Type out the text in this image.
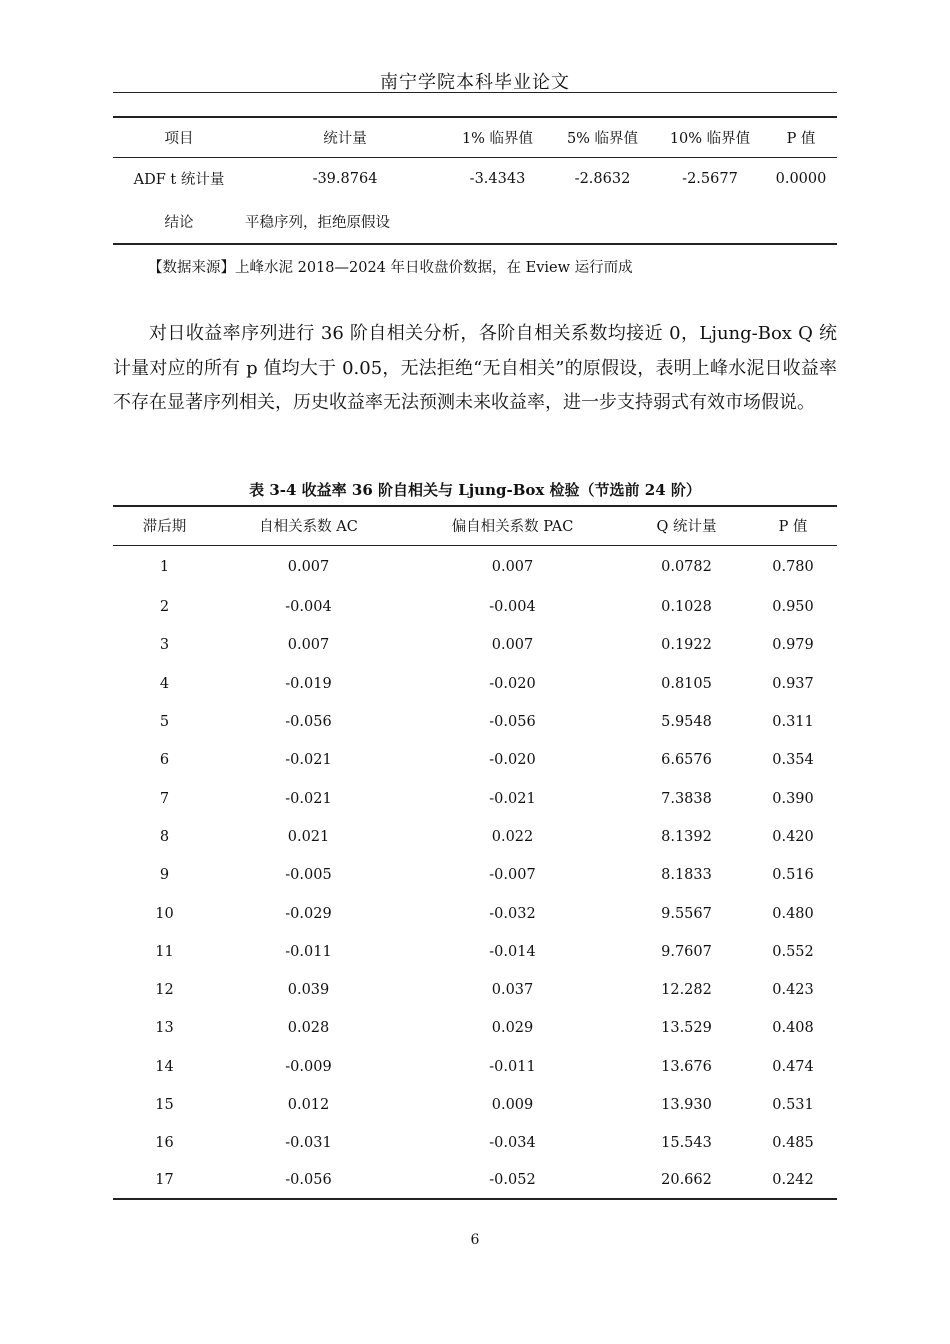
南宁学院本科毕业论文
项目	统计量	1% 临界值	5% 临界值	10% 临界值	P 值
ADF t 统计量	-39.8764	-3.4343	-2.8632	-2.5677	0.0000
结论	平稳序列，拒绝原假设				
【数据来源】上峰水泥 2018—2024 年日收盘价数据，在 Eview 运行而成
对日收益率序列进行 36 阶自相关分析，各阶自相关系数均接近 0，Ljung-Box Q 统计量对应的所有 p 值均大于 0.05，无法拒绝“无自相关”的原假设，表明上峰水泥日收益率不存在显著序列相关，历史收益率无法预测未来收益率，进一步支持弱式有效市场假说。
表 3-4 收益率 36 阶自相关与 Ljung-Box 检验（节选前 24 阶）
滞后期	自相关系数 AC	偏自相关系数 PAC	Q 统计量	P 值
1	0.007	0.007	0.0782	0.780
2	-0.004	-0.004	0.1028	0.950
3	0.007	0.007	0.1922	0.979
4	-0.019	-0.020	0.8105	0.937
5	-0.056	-0.056	5.9548	0.311
6	-0.021	-0.020	6.6576	0.354
7	-0.021	-0.021	7.3838	0.390
8	0.021	0.022	8.1392	0.420
9	-0.005	-0.007	8.1833	0.516
10	-0.029	-0.032	9.5567	0.480
11	-0.011	-0.014	9.7607	0.552
12	0.039	0.037	12.282	0.423
13	0.028	0.029	13.529	0.408
14	-0.009	-0.011	13.676	0.474
15	0.012	0.009	13.930	0.531
16	-0.031	-0.034	15.543	0.485
17	-0.056	-0.052	20.662	0.242
6
